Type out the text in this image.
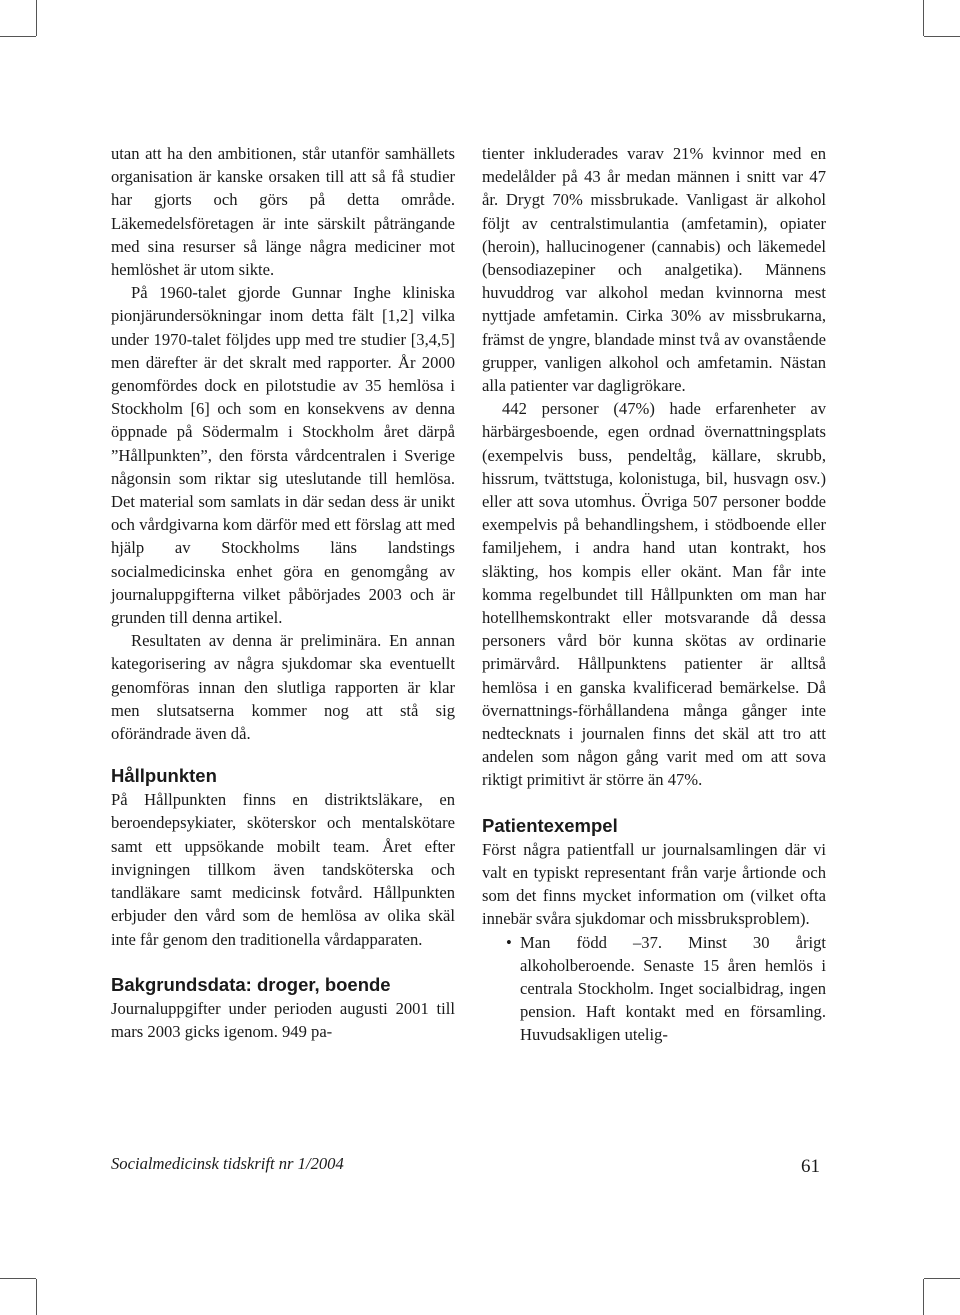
utan att ha den ambitionen, står utanför samhällets organisation är kanske orsaken till att så få studier har gjorts och görs på detta område. Läkemedelsföretagen är inte särskilt påträngande med sina resurser så länge några mediciner mot hemlöshet är utom sikte.

På 1960-talet gjorde Gunnar Inghe kliniska pionjärundersökningar inom detta fält [1,2] vilka under 1970-talet följdes upp med tre studier [3,4,5] men därefter är det skralt med rapporter. År 2000 genomfördes dock en pilotstudie av 35 hemlösa i Stockholm [6] och som en konsekvens av denna öppnade på Södermalm i Stockholm året därpå ”Hållpunkten”, den första vårdcentralen i Sverige någonsin som riktar sig uteslutande till hemlösa. Det material som samlats in där sedan dess är unikt och vårdgivarna kom därför med ett förslag att med hjälp av Stockholms läns landstings socialmedicinska enhet göra en genomgång av journaluppgifterna vilket påbörjades 2003 och är grunden till denna artikel.

Resultaten av denna är preliminära. En annan kategorisering av några sjukdomar ska eventuellt genomföras innan den slutliga rapporten är klar men slutsatserna kommer nog att stå sig oförändrade även då.

Hållpunkten

På Hållpunkten finns en distriktsläkare, en beroendepsykiater, sköterskor och mentalskötare samt ett uppsökande mobilt team. Året efter invigningen tillkom även tandsköterska och tandläkare samt medicinsk fotvård. Hållpunkten erbjuder den vård som de hemlösa av olika skäl inte får genom den traditionella vårdapparaten.

Bakgrundsdata: droger, boende

Journaluppgifter under perioden augusti 2001 till mars 2003 gicks igenom. 949 pa-

tienter inkluderades varav 21% kvinnor med en medelålder på 43 år medan männen i snitt var 47 år. Drygt 70% missbrukade. Vanligast är alkohol följt av centralstimulantia (amfetamin), opiater (heroin), hallucinogener (cannabis) och läkemedel (bensodiazepiner och analgetika). Männens huvuddrog var alkohol medan kvinnorna mest nyttjade amfetamin. Cirka 30% av missbrukarna, främst de yngre, blandade minst två av ovanstående grupper, vanligen alkohol och amfetamin. Nästan alla patienter var dagligrökare.

442 personer (47%) hade erfarenheter av härbärgesboende, egen ordnad övernattningsplats (exempelvis buss, pendeltåg, källare, skrubb, hissrum, tvättstuga, kolonistuga, bil, husvagn osv.) eller att sova utomhus. Övriga 507 personer bodde exempelvis på behandlingshem, i stödboende eller familjehem, i andra hand utan kontrakt, hos släkting, hos kompis eller okänt. Man får inte komma regelbundet till Hållpunkten om man har hotellhemskontrakt eller motsvarande då dessa personers vård bör kunna skötas av ordinarie primärvård. Hållpunktens patienter är alltså hemlösa i en ganska kvalificerad bemärkelse. Då övernattnings-förhållandena många gånger inte nedtecknats i journalen finns det skäl att tro att andelen som någon gång varit med om att sova riktigt primitivt är större än 47%.

Patientexempel

Först några patientfall ur journalsamlingen där vi valt en typiskt representant från varje årtionde och som det finns mycket information om (vilket ofta innebär svåra sjukdomar och missbruksproblem).

• Man född –37. Minst 30 årigt alkoholberoende. Senaste 15 åren hemlös i centrala Stockholm. Inget socialbidrag, ingen pension. Haft kontakt med en församling. Huvudsakligen utelig-
Socialmedicinsk tidskrift nr 1/2004	61
